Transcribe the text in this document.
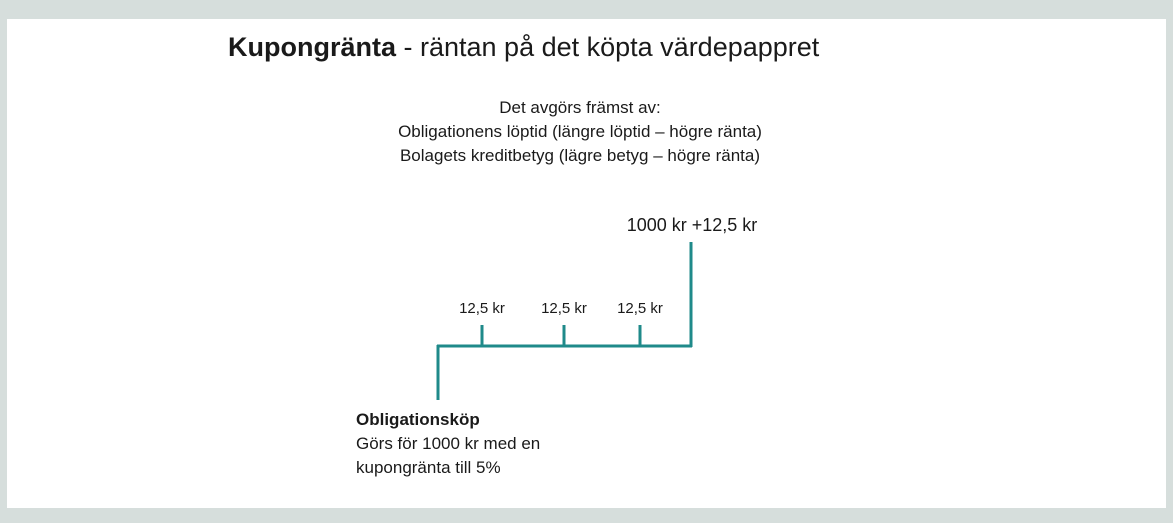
Kupongränta - räntan på det köpta värdepappret
Det avgörs främst av:
Obligationens löptid (längre löptid – högre ränta)
Bolagets kreditbetyg (lägre betyg – högre ränta)
1000 kr +12,5 kr
12,5 kr	12,5 kr	12,5 kr
Obligationsköp
Görs för 1000 kr med en
kupongränta till 5%
